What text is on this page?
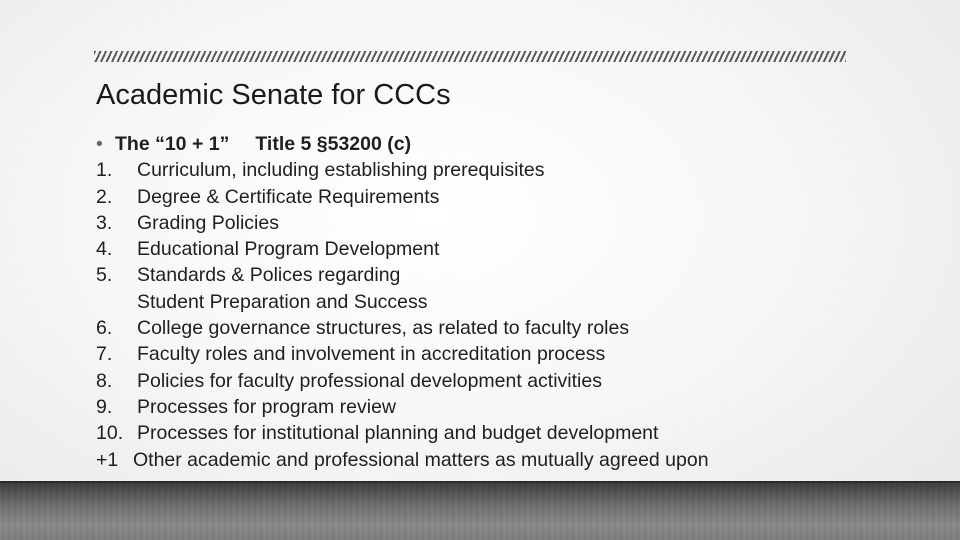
Academic Senate for CCCs
• The “10 + 1” Title 5 §53200 (c)
1.	Curriculum, including establishing prerequisites
2.	Degree & Certificate Requirements
3.	Grading Policies
4.	Educational Program Development
5.	Standards & Polices regarding
Student Preparation and Success
6.	College governance structures, as related to faculty roles
7.	Faculty roles and involvement in accreditation process
8.	Policies for faculty professional development activities
9.	Processes for program review
10. Processes for institutional planning and budget development
+1 Other academic and professional matters as mutually agreed upon
